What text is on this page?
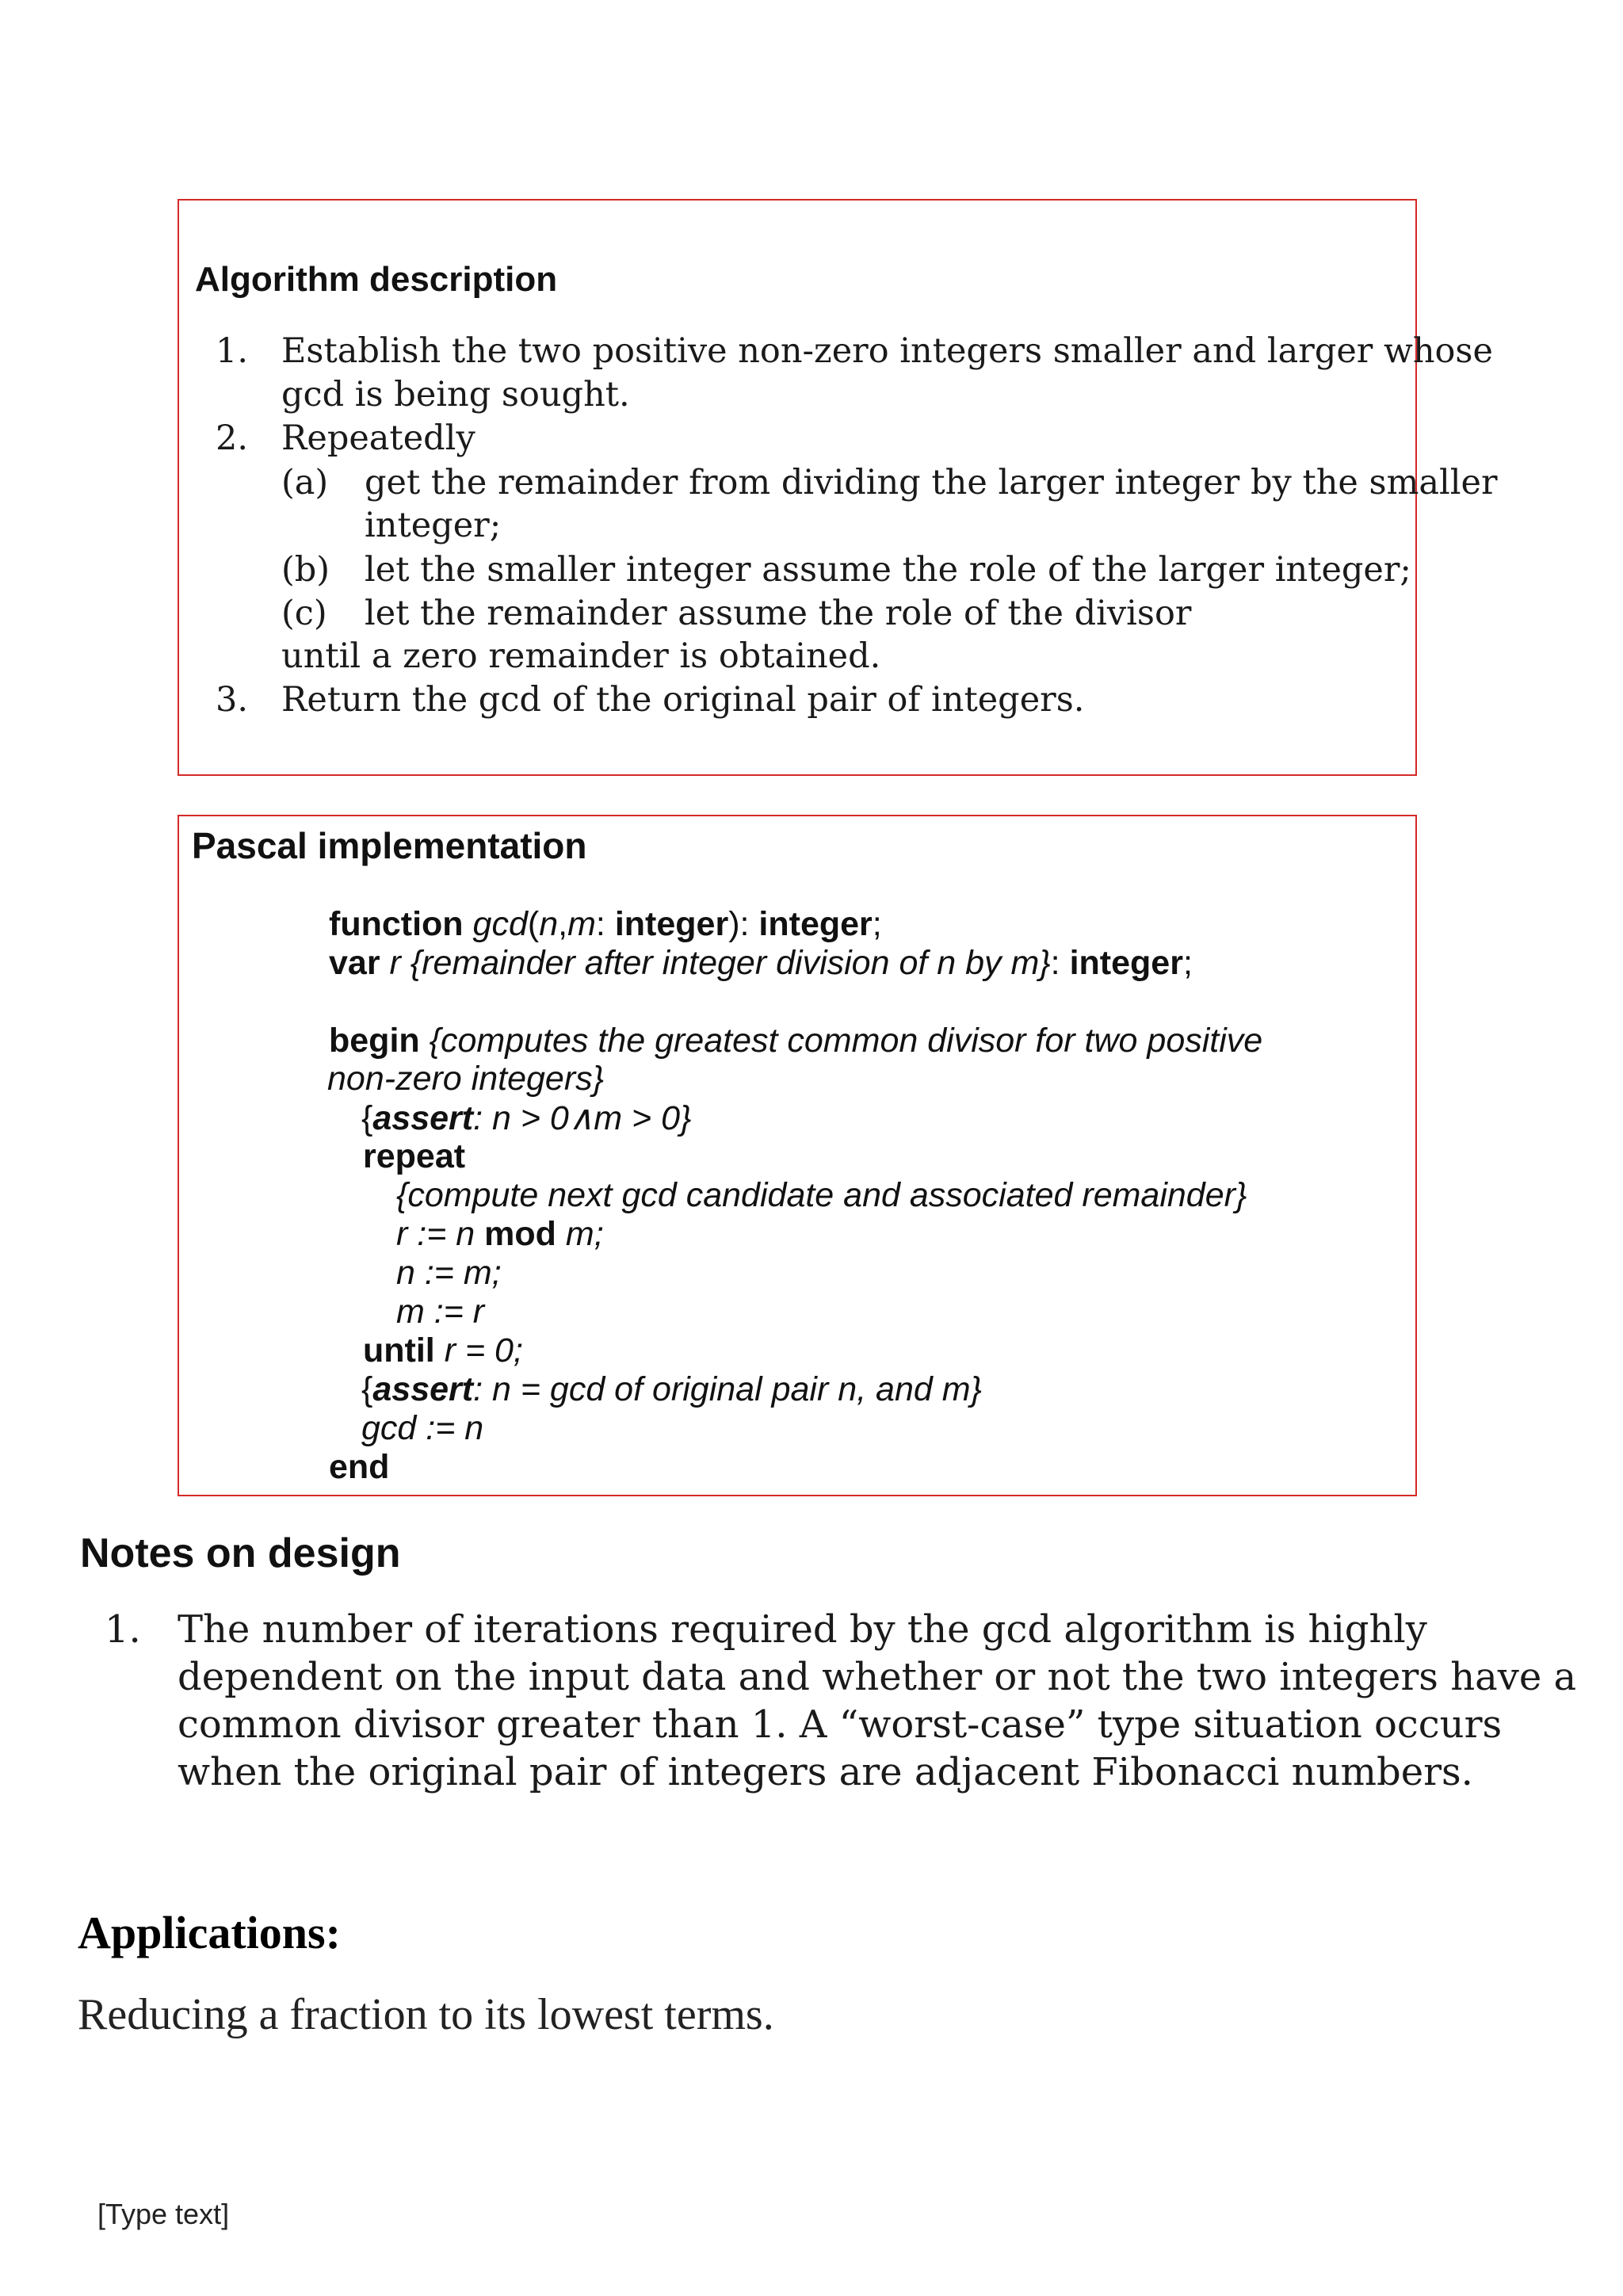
Algorithm description
1. Establish the two positive non-zero integers smaller and larger whose
gcd is being sought.
2. Repeatedly
(a) get the remainder from dividing the larger integer by the smaller
integer;
(b) let the smaller integer assume the role of the larger integer;
(c) let the remainder assume the role of the divisor
until a zero remainder is obtained.
3. Return the gcd of the original pair of integers.
Pascal implementation
function gcd(n,m: integer): integer;
var r {remainder after integer division of n by m}: integer;
begin {computes the greatest common divisor for two positive
non-zero integers}
{assert: n > 0∧m > 0}
repeat
{compute next gcd candidate and associated remainder}
r := n mod m;
n := m;
m := r
until r = 0;
{assert: n = gcd of original pair n, and m}
gcd := n
end
Notes on design
1. The number of iterations required by the gcd algorithm is highly
dependent on the input data and whether or not the two integers have a
common divisor greater than 1. A “worst-case” type situation occurs
when the original pair of integers are adjacent Fibonacci numbers.
Applications:
Reducing a fraction to its lowest terms.
[Type text]
